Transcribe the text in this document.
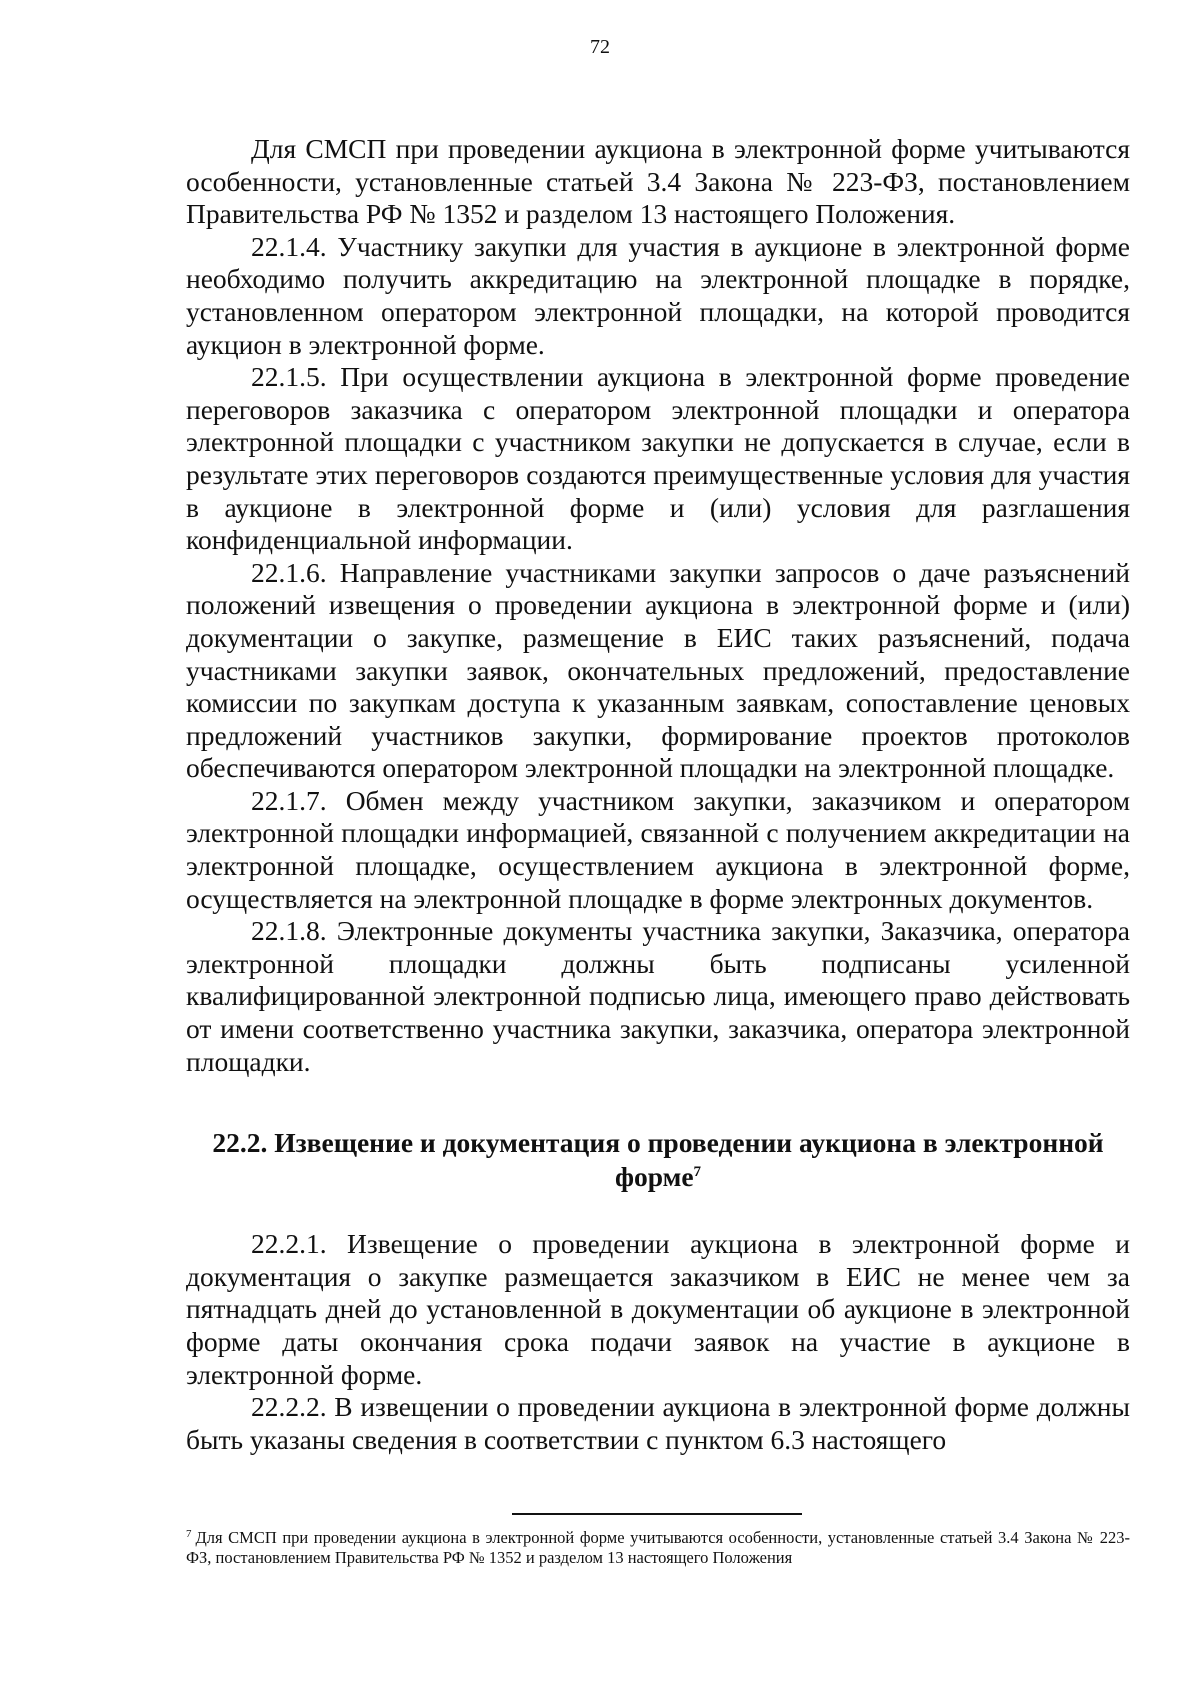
72

Для СМСП при проведении аукциона в электронной форме учитываются особенности, установленные статьей 3.4 Закона № 223-ФЗ, постановлением Правительства РФ № 1352 и разделом 13 настоящего Положения.

22.1.4. Участнику закупки для участия в аукционе в электронной форме необходимо получить аккредитацию на электронной площадке в порядке, установленном оператором электронной площадки, на которой проводится аукцион в электронной форме.

22.1.5. При осуществлении аукциона в электронной форме проведение переговоров заказчика с оператором электронной площадки и оператора электронной площадки с участником закупки не допускается в случае, если в результате этих переговоров создаются преимущественные условия для участия в аукционе в электронной форме и (или) условия для разглашения конфиденциальной информации.

22.1.6. Направление участниками закупки запросов о даче разъяснений положений извещения о проведении аукциона в электронной форме и (или) документации о закупке, размещение в ЕИС таких разъяснений, подача участниками закупки заявок, окончательных предложений, предоставление комиссии по закупкам доступа к указанным заявкам, сопоставление ценовых предложений участников закупки, формирование проектов протоколов обеспечиваются оператором электронной площадки на электронной площадке.

22.1.7. Обмен между участником закупки, заказчиком и оператором электронной площадки информацией, связанной с получением аккредитации на электронной площадке, осуществлением аукциона в электронной форме, осуществляется на электронной площадке в форме электронных документов.

22.1.8. Электронные документы участника закупки, Заказчика, оператора электронной площадки должны быть подписаны усиленной квалифицированной электронной подписью лица, имеющего право действовать от имени соответственно участника закупки, заказчика, оператора электронной площадки.

22.2. Извещение и документация о проведении аукциона в электронной форме$^7$

22.2.1. Извещение о проведении аукциона в электронной форме и документация о закупке размещается заказчиком в ЕИС не менее чем за пятнадцать дней до установленной в документации об аукционе в электронной форме даты окончания срока подачи заявок на участие в аукционе в электронной форме.

22.2.2. В извещении о проведении аукциона в электронной форме должны быть указаны сведения в соответствии с пунктом 6.3 настоящего

$^7$ Для СМСП при проведении аукциона в электронной форме учитываются особенности, установленные статьей 3.4 Закона № 223-ФЗ, постановлением Правительства РФ № 1352 и разделом 13 настоящего Положения
